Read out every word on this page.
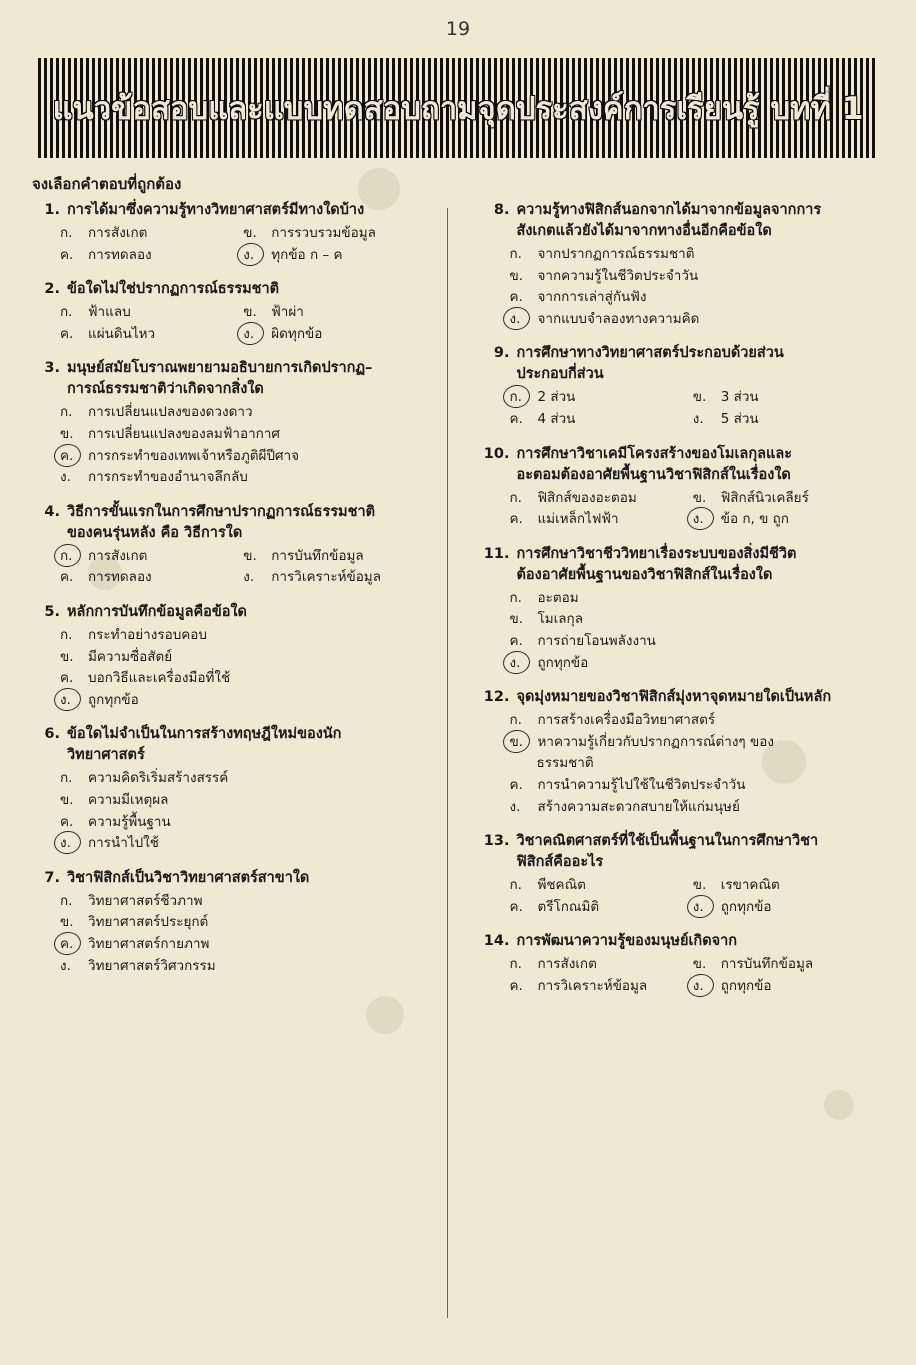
19
แนวข้อสอบและแบบทดสอบถามจุดประสงค์การเรียนรู้ บทที่ 1
จงเลือกคำตอบที่ถูกต้อง
1. การได้มาซึ่งความรู้ทางวิทยาศาสตร์มีทางใดบ้าง
ก.	การสังเกต	ข.	การรวบรวมข้อมูล
ค.	การทดลอง	ง.	ทุกข้อ ก – ค
2. ข้อใดไม่ใช่ปรากฏการณ์ธรรมชาติ
ก.	ฟ้าแลบ	ข.	ฟ้าผ่า
ค.	แผ่นดินไหว	ง.	ผิดทุกข้อ
3. มนุษย์สมัยโบราณพยายามอธิบายการเกิดปรากฏ–
การณ์ธรรมชาติว่าเกิดจากสิ่งใด
ก.	การเปลี่ยนแปลงของดวงดาว
ข.	การเปลี่ยนแปลงของลมฟ้าอากาศ
ค.	การกระทำของเทพเจ้าหรือภูติผีปีศาจ
ง.	การกระทำของอำนาจลึกลับ
4. วิธีการขั้นแรกในการศึกษาปรากฏการณ์ธรรมชาติ
ของคนรุ่นหลัง คือ วิธีการใด
ก.	การสังเกต	ข.	การบันทึกข้อมูล
ค.	การทดลอง	ง.	การวิเคราะห์ข้อมูล
5. หลักการบันทึกข้อมูลคือข้อใด
ก.	กระทำอย่างรอบคอบ
ข.	มีความซื่อสัตย์
ค.	บอกวิธีและเครื่องมือที่ใช้
ง.	ถูกทุกข้อ
6. ข้อใดไม่จำเป็นในการสร้างทฤษฎีใหม่ของนัก
วิทยาศาสตร์
ก.	ความคิดริเริ่มสร้างสรรค์
ข.	ความมีเหตุผล
ค.	ความรู้พื้นฐาน
ง.	การนำไปใช้
7. วิชาฟิสิกส์เป็นวิชาวิทยาศาสตร์สาขาใด
ก.	วิทยาศาสตร์ชีวภาพ
ข.	วิทยาศาสตร์ประยุกต์
ค.	วิทยาศาสตร์กายภาพ
ง.	วิทยาศาสตร์วิศวกรรม
8. ความรู้ทางฟิสิกส์นอกจากได้มาจากข้อมูลจากการ
สังเกตแล้วยังได้มาจากทางอื่นอีกคือข้อใด
ก.	จากปรากฏการณ์ธรรมชาติ
ข.	จากความรู้ในชีวิตประจำวัน
ค.	จากการเล่าสู่กันฟัง
ง.	จากแบบจำลองทางความคิด
9. การศึกษาทางวิทยาศาสตร์ประกอบด้วยส่วน
ประกอบกี่ส่วน
ก.	2 ส่วน	ข.	3 ส่วน
ค.	4 ส่วน	ง.	5 ส่วน
10. การศึกษาวิชาเคมีโครงสร้างของโมเลกุลและ
อะตอมต้องอาศัยพื้นฐานวิชาฟิสิกส์ในเรื่องใด
ก.	ฟิสิกส์ของอะตอม	ข.	ฟิสิกส์นิวเคลียร์
ค.	แม่เหล็กไฟฟ้า	ง.	ข้อ ก, ข ถูก
11. การศึกษาวิชาชีววิทยาเรื่องระบบของสิ่งมีชีวิต
ต้องอาศัยพื้นฐานของวิชาฟิสิกส์ในเรื่องใด
ก.	อะตอม
ข.	โมเลกุล
ค.	การถ่ายโอนพลังงาน
ง.	ถูกทุกข้อ
12. จุดมุ่งหมายของวิชาฟิสิกส์มุ่งหาจุดหมายใดเป็นหลัก
ก.	การสร้างเครื่องมือวิทยาศาสตร์
ข.	หาความรู้เกี่ยวกับปรากฏการณ์ต่างๆ ของ
ธรรมชาติ
ค.	การนำความรู้ไปใช้ในชีวิตประจำวัน
ง.	สร้างความสะดวกสบายให้แก่มนุษย์
13. วิชาคณิตศาสตร์ที่ใช้เป็นพื้นฐานในการศึกษาวิชา
ฟิสิกส์คืออะไร
ก.	พีชคณิต	ข.	เรขาคณิต
ค.	ตรีโกณมิติ	ง.	ถูกทุกข้อ
14. การพัฒนาความรู้ของมนุษย์เกิดจาก
ก.	การสังเกต	ข.	การบันทึกข้อมูล
ค.	การวิเคราะห์ข้อมูล	ง.	ถูกทุกข้อ
